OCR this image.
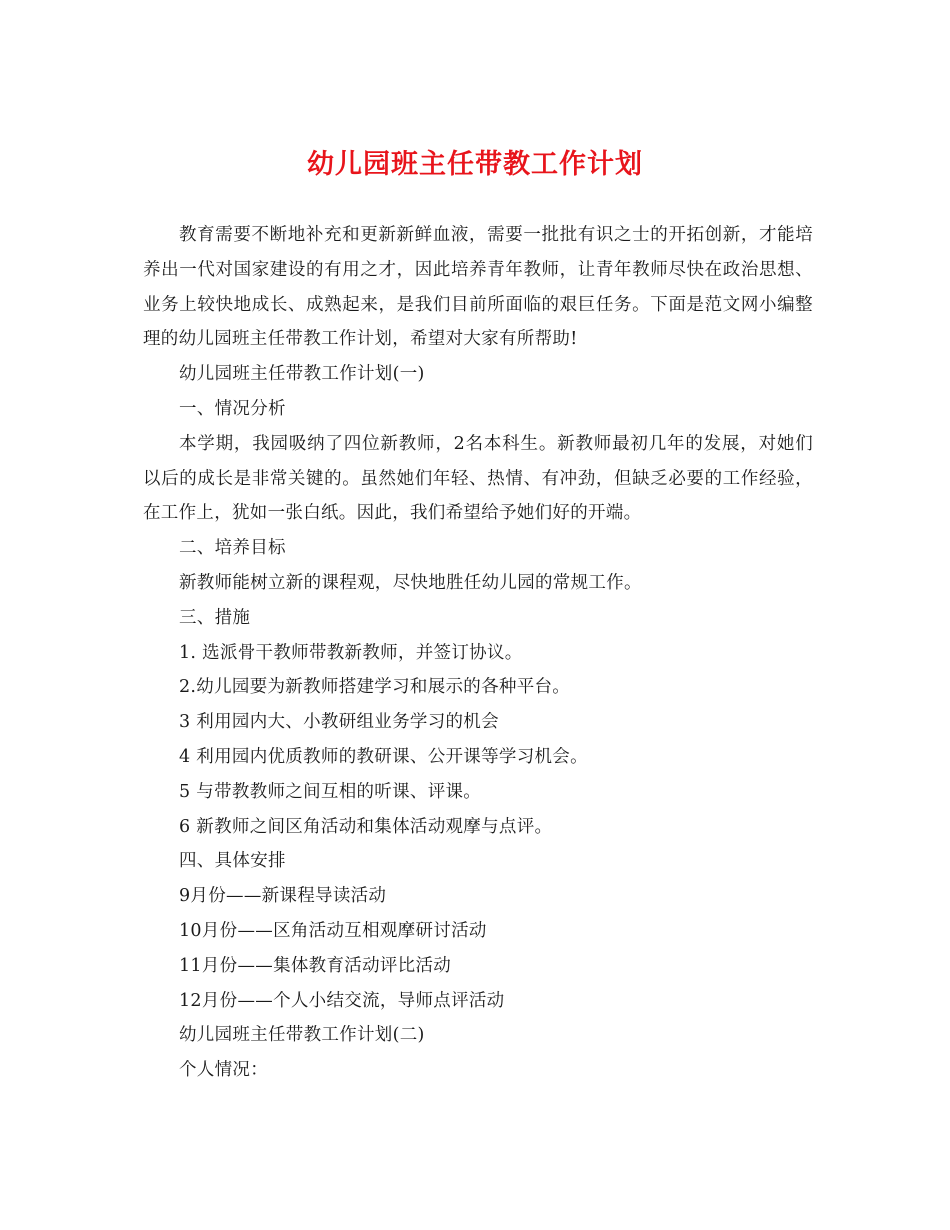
幼儿园班主任带教工作计划

教育需要不断地补充和更新新鲜血液，需要一批批有识之士的开拓创新，才能培养出一代对国家建设的有用之才，因此培养青年教师，让青年教师尽快在政治思想、业务上较快地成长、成熟起来，是我们目前所面临的艰巨任务。下面是范文网小编整理的幼儿园班主任带教工作计划，希望对大家有所帮助!

幼儿园班主任带教工作计划(一)

一、情况分析

本学期，我园吸纳了四位新教师，2名本科生。新教师最初几年的发展，对她们以后的成长是非常关键的。虽然她们年轻、热情、有冲劲，但缺乏必要的工作经验，在工作上，犹如一张白纸。因此，我们希望给予她们好的开端。

二、培养目标

新教师能树立新的课程观，尽快地胜任幼儿园的常规工作。

三、措施

1. 选派骨干教师带教新教师，并签订协议。

2.幼儿园要为新教师搭建学习和展示的各种平台。

3 利用园内大、小教研组业务学习的机会

4 利用园内优质教师的教研课、公开课等学习机会。

5 与带教教师之间互相的听课、评课。

6 新教师之间区角活动和集体活动观摩与点评。

四、具体安排

9月份——新课程导读活动

10月份——区角活动互相观摩研讨活动

11月份——集体教育活动评比活动

12月份——个人小结交流，导师点评活动

幼儿园班主任带教工作计划(二)

个人情况：
